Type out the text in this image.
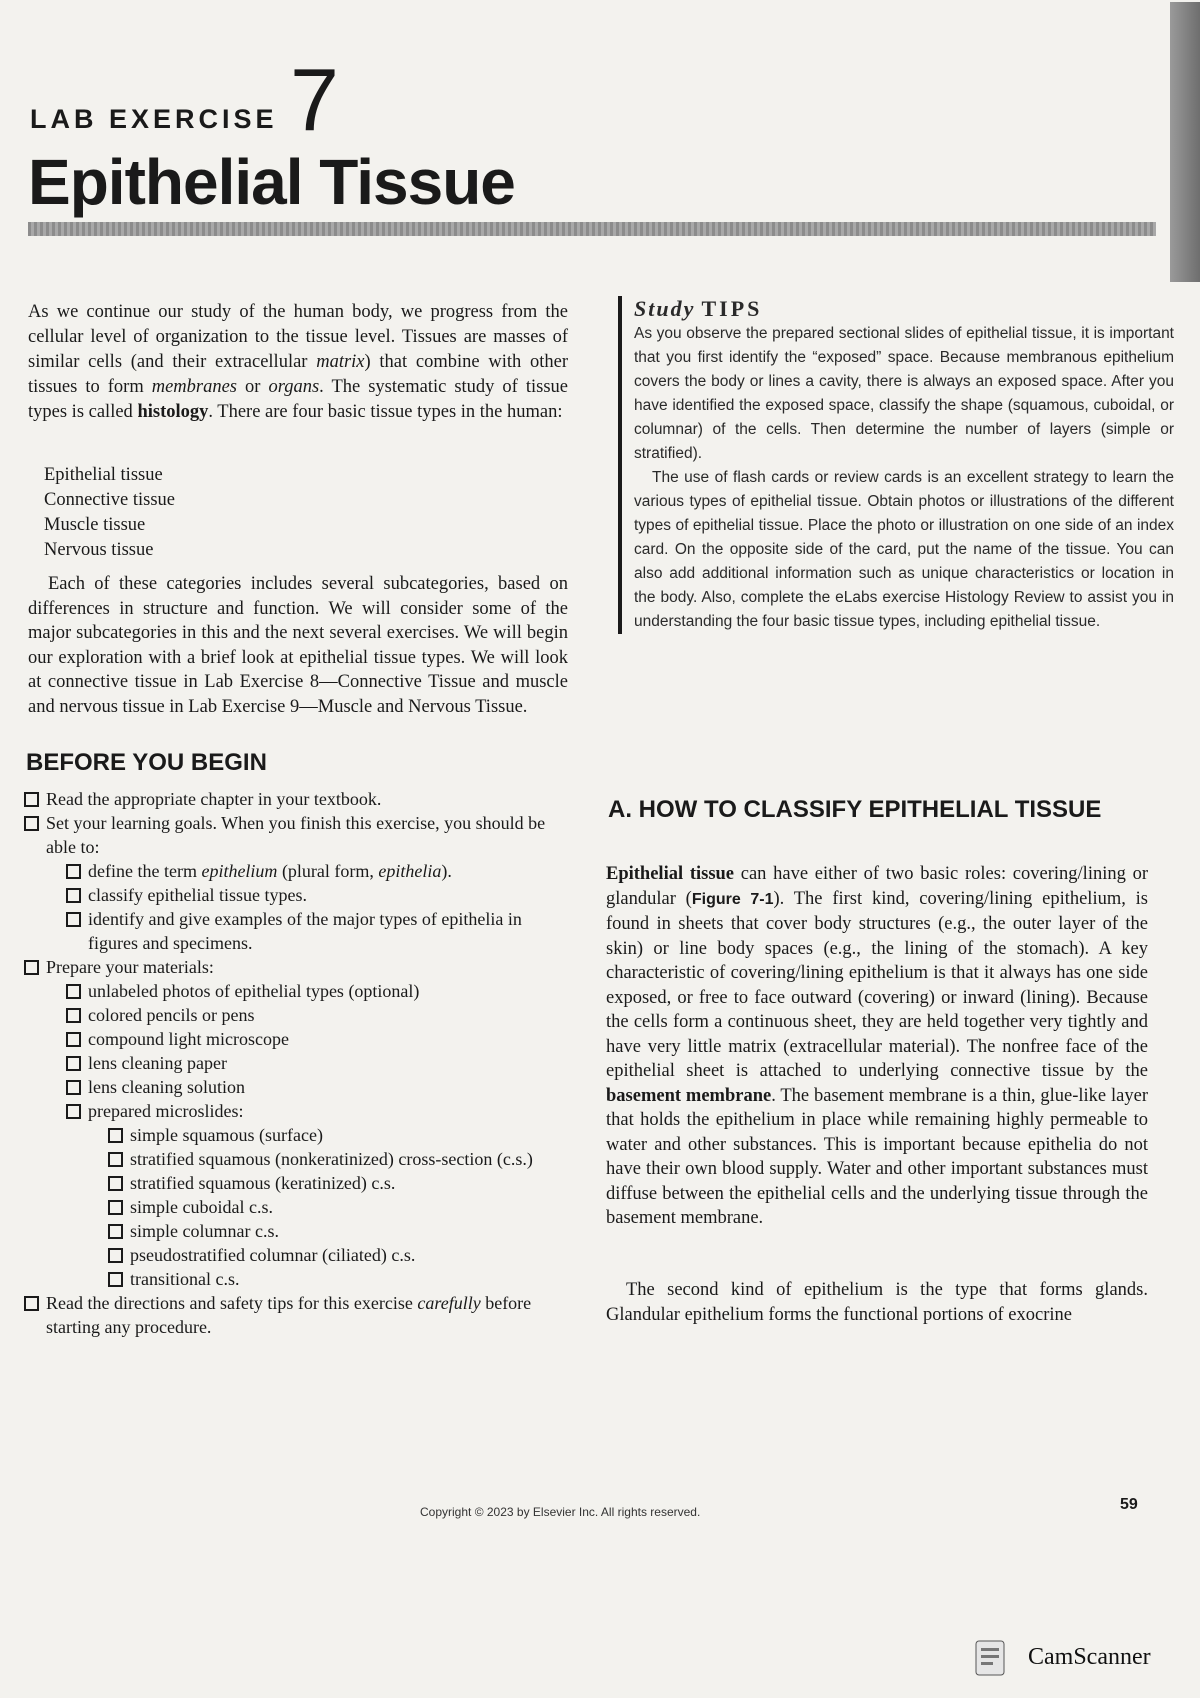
LAB EXERCISE 7
Epithelial Tissue

As we continue our study of the human body, we progress from the cellular level of organization to the tissue level. Tissues are masses of similar cells (and their extracellular matrix) that combine with other tissues to form membranes or organs. The systematic study of tissue types is called histology. There are four basic tissue types in the human:

Epithelial tissue
Connective tissue
Muscle tissue
Nervous tissue

Each of these categories includes several subcategories, based on differences in structure and function. We will consider some of the major subcategories in this and the next several exercises. We will begin our exploration with a brief look at epithelial tissue types. We will look at connective tissue in Lab Exercise 8—Connective Tissue and muscle and nervous tissue in Lab Exercise 9—Muscle and Nervous Tissue.

Study TIPS

As you observe the prepared sectional slides of epithelial tissue, it is important that you first identify the “exposed” space. Because membranous epithelium covers the body or lines a cavity, there is always an exposed space. After you have identified the exposed space, classify the shape (squamous, cuboidal, or columnar) of the cells. Then determine the number of layers (simple or stratified).

The use of flash cards or review cards is an excellent strategy to learn the various types of epithelial tissue. Obtain photos or illustrations of the different types of epithelial tissue. Place the photo or illustration on one side of an index card. On the opposite side of the card, put the name of the tissue. You can also add additional information such as unique characteristics or location in the body. Also, complete the eLabs exercise Histology Review to assist you in understanding the four basic tissue types, including epithelial tissue.

BEFORE YOU BEGIN
Read the appropriate chapter in your textbook.
Set your learning goals. When you finish this exercise, you should be able to:
define the term epithelium (plural form, epithelia).
classify epithelial tissue types.
identify and give examples of the major types of epithelia in figures and specimens.
Prepare your materials:
unlabeled photos of epithelial types (optional)
colored pencils or pens
compound light microscope
lens cleaning paper
lens cleaning solution
prepared microslides:
simple squamous (surface)
stratified squamous (nonkeratinized) cross-section (c.s.)
stratified squamous (keratinized) c.s.
simple cuboidal c.s.
simple columnar c.s.
pseudostratified columnar (ciliated) c.s.
transitional c.s.
Read the directions and safety tips for this exercise carefully before starting any procedure.
A. HOW TO CLASSIFY EPITHELIAL TISSUE

Epithelial tissue can have either of two basic roles: covering/lining or glandular (Figure 7-1). The first kind, covering/lining epithelium, is found in sheets that cover body structures (e.g., the outer layer of the skin) or line body spaces (e.g., the lining of the stomach). A key characteristic of covering/lining epithelium is that it always has one side exposed, or free to face outward (covering) or inward (lining). Because the cells form a continuous sheet, they are held together very tightly and have very little matrix (extracellular material). The nonfree face of the epithelial sheet is attached to underlying connective tissue by the basement membrane. The basement membrane is a thin, glue-like layer that holds the epithelium in place while remaining highly permeable to water and other substances. This is important because epithelia do not have their own blood supply. Water and other important substances must diffuse between the epithelial cells and the underlying tissue through the basement membrane.

The second kind of epithelium is the type that forms glands. Glandular epithelium forms the functional portions of exocrine

Copyright © 2023 by Elsevier Inc. All rights reserved.	59
CamScanner
